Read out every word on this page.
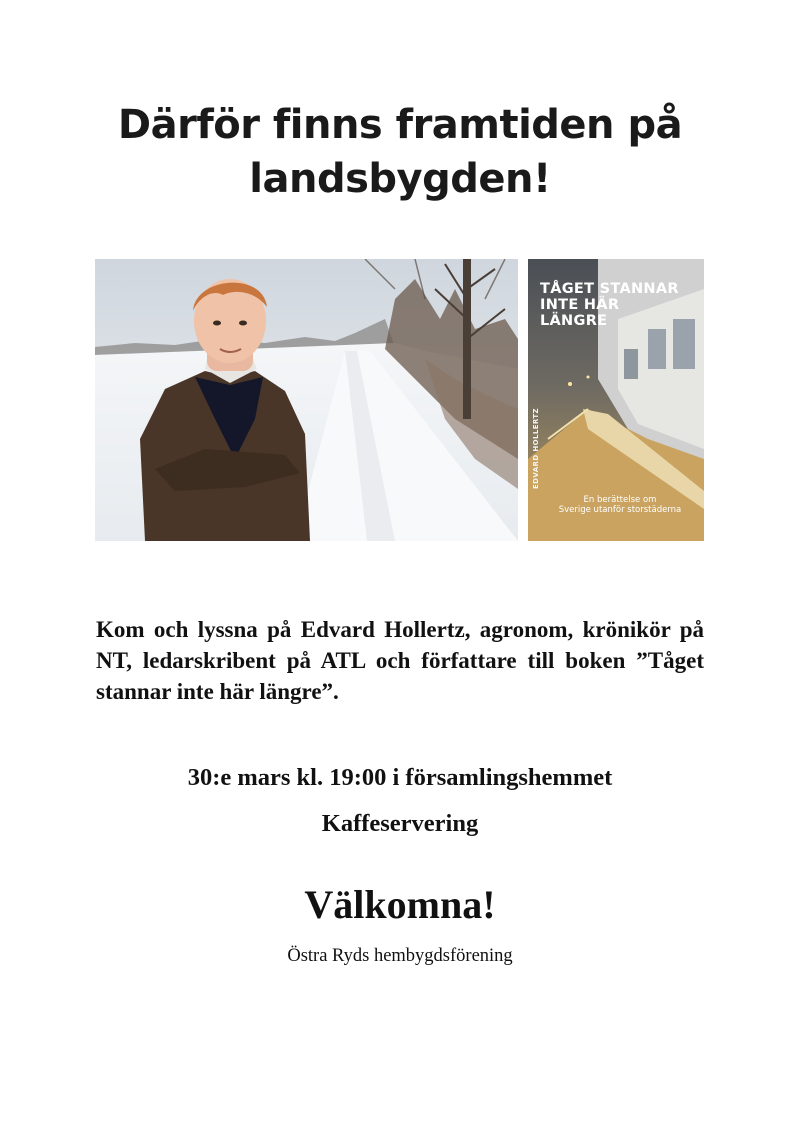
Därför finns framtiden på
landsbygden!
TÅGET STANNAR
INTE HÄR
LÄNGRE
EDVARD HOLLERTZ
En berättelse om
Sverige utanför storstäderna

Kom och lyssna på Edvard Hollertz, agronom, krönikör på NT, ledarskribent på ATL och författare till boken ”Tåget stannar inte här längre”.

30:e mars kl. 19:00 i församlingshemmet

Kaffeservering

Välkomna!

Östra Ryds hembygdsförening
